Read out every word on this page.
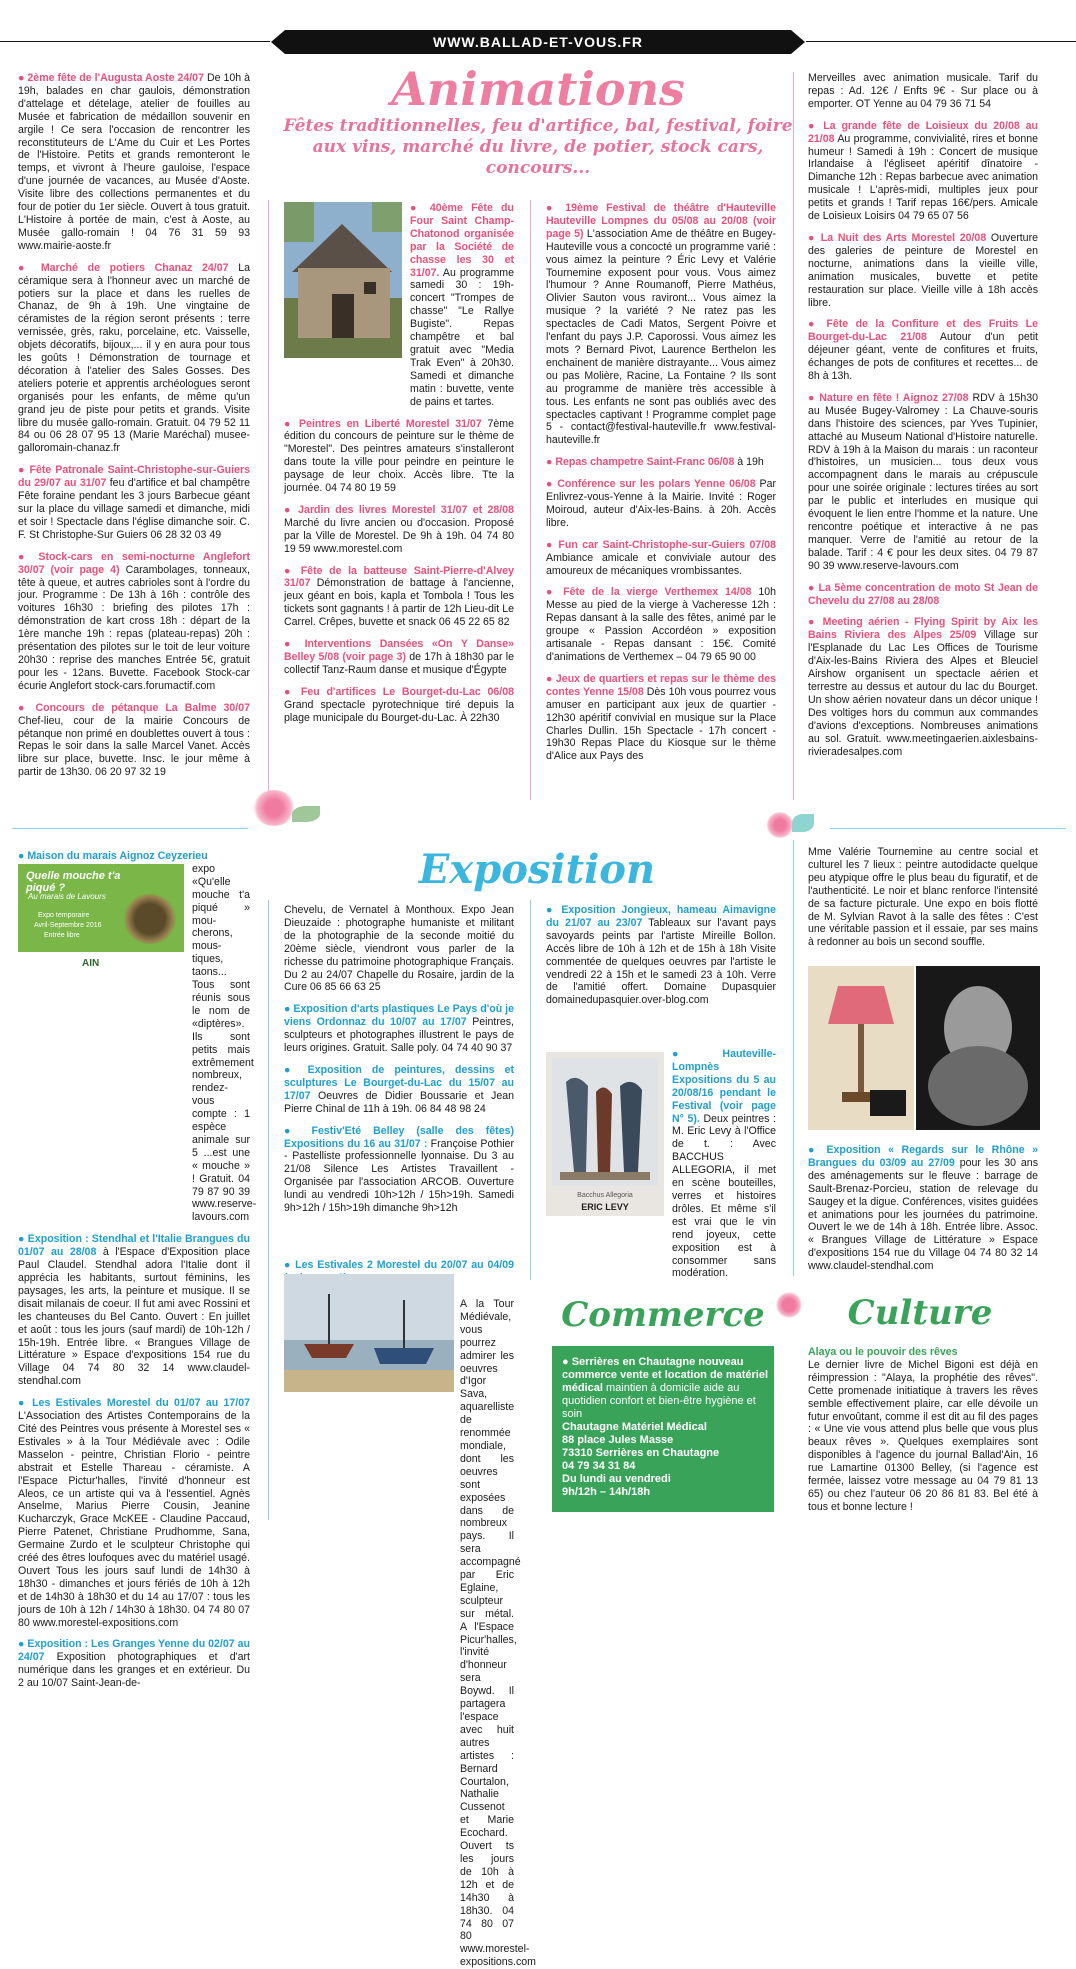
WWW.BALLAD-ET-VOUS.FR
Animations
Fêtes traditionnelles, feu d'artifice, bal, festival, foire aux vins, marché du livre, de potier, stock cars, concours...
● 2ème fête de l'Augusta Aoste 24/07 De 10h à 19h, balades en char gaulois, démonstration d'attelage et dételage, atelier de fouilles au Musée et fabrication de médaillon souvenir en argile ! Ce sera l'occasion de rencontrer les reconstituteurs de L'Ame du Cuir et Les Portes de l'Histoire. Petits et grands remonteront le temps, et vivront à l'heure gauloise, l'espace d'une journée de vacances, au Musée d'Aoste. Visite libre des collections permanentes et du four de potier du 1er siècle. Ouvert à tous gratuit. L'Histoire à portée de main, c'est à Aoste, au Musée gallo-romain ! 04 76 31 59 93 www.mairie-aoste.fr
● Marché de potiers Chanaz 24/07 La céramique sera à l'honneur avec un marché de potiers sur la place et dans les ruelles de Chanaz, de 9h à 19h. Une vingtaine de céramistes de la région seront présents : terre vernissée, grès, raku, porcelaine, etc. Vaisselle, objets décoratifs, bijoux,... il y en aura pour tous les goûts ! Démonstration de tournage et décoration à l'atelier des Sales Gosses. Des ateliers poterie et apprentis archéologues seront organisés pour les enfants, de même qu'un grand jeu de piste pour petits et grands. Visite libre du musée gallo-romain. Gratuit. 04 79 52 11 84 ou 06 28 07 95 13 (Marie Maréchal) musee-galloromain-chanaz.fr
● Fête Patronale Saint-Christophe-sur-Guiers du 29/07 au 31/07 feu d'artifice et bal champêtre Fête foraine pendant les 3 jours Barbecue géant sur la place du village samedi et dimanche, midi et soir ! Spectacle dans l'église dimanche soir. C. F. St Christophe-Sur Guiers 06 28 32 03 49
● Stock-cars en semi-nocturne Anglefort 30/07 (voir page 4) Carambolages, tonneaux, tête à queue, et autres cabrioles sont à l'ordre du jour. Programme : De 13h à 16h : contrôle des voitures 16h30 : briefing des pilotes 17h : démonstration de kart cross 18h : départ de la 1ère manche 19h : repas (plateau-repas) 20h : présentation des pilotes sur le toit de leur voiture 20h30 : reprise des manches Entrée 5€, gratuit pour les - 12ans. Buvette. Facebook Stock-car écurie Anglefort stock-cars.forumactif.com
● Concours de pétanque La Balme 30/07 Chef-lieu, cour de la mairie Concours de pétanque non primé en doublettes ouvert à tous : Repas le soir dans la salle Marcel Vanet. Accès libre sur place, buvette. Insc. le jour même à partir de 13h30. 06 20 97 32 19
● 40ème Fête du Four Saint Champ-Chatonod organisée par la Société de chasse les 30 et 31/07. Au programme samedi 30 : 19h- concert "Trompes de chasse" "Le Rallye Bugiste". Repas champêtre et bal gratuit avec "Media Trak Even" à 20h30. Samedi et dimanche matin : buvette, vente de pains et tartes.
● Peintres en Liberté Morestel 31/07 7ème édition du concours de peinture sur le thème de "Morestel". Des peintres amateurs s'installeront dans toute la ville pour peindre en peinture le paysage de leur choix. Accès libre. Tte la journée. 04 74 80 19 59
● Jardin des livres Morestel 31/07 et 28/08 Marché du livre ancien ou d'occasion. Proposé par la Ville de Morestel. De 9h à 19h. 04 74 80 19 59 www.morestel.com
● Fête de la batteuse Saint-Pierre-d'Alvey 31/07 Démonstration de battage à l'ancienne, jeux géant en bois, kapla et Tombola ! Tous les tickets sont gagnants ! à partir de 12h Lieu-dit Le Carrel. Crêpes, buvette et snack 06 45 22 65 82
● Interventions Dansées «On Y Danse» Belley 5/08 (voir page 3) de 17h à 18h30 par le collectif Tanz-Raum danse et musique d'Égypte
● Feu d'artifices Le Bourget-du-Lac 06/08 Grand spectacle pyrotechnique tiré depuis la plage municipale du Bourget-du-Lac. À 22h30
● 19ème Festival de théâtre d'Hauteville Hauteville Lompnes du 05/08 au 20/08 (voir page 5) L'association Ame de théâtre en Bugey-Hauteville vous a concocté un programme varié : vous aimez la peinture ? Éric Levy et Valérie Tournemine exposent pour vous. Vous aimez l'humour ? Anne Roumanoff, Pierre Mathéus, Olivier Sauton vous raviront... Vous aimez la musique ? la variété ? Ne ratez pas les spectacles de Cadi Matos, Sergent Poivre et l'enfant du pays J.P. Caporossi. Vous aimez les mots ? Bernard Pivot, Laurence Berthelon les enchainent de manière distrayante... Vous aimez ou pas Molière, Racine, La Fontaine ? Ils sont au programme de manière très accessible à tous. Les enfants ne sont pas oubliés avec des spectacles captivant ! Programme complet page 5 - contact@festival-hauteville.fr www.festival-hauteville.fr
● Repas champetre Saint-Franc 06/08 à 19h
● Conférence sur les polars Yenne 06/08 Par Enlivrez-vous-Yenne à la Mairie. Invité : Roger Moiroud, auteur d'Aix-les-Bains. à 20h. Accès libre.
● Fun car Saint-Christophe-sur-Guiers 07/08 Ambiance amicale et conviviale autour des amoureux de mécaniques vrombissantes.
● Fête de la vierge Verthemex 14/08 10h Messe au pied de la vierge à Vacheresse 12h : Repas dansant à la salle des fêtes, animé par le groupe « Passion Accordéon » exposition artisanale - Repas dansant : 15€. Comité d'animations de Verthemex – 04 79 65 90 00
● Jeux de quartiers et repas sur le thème des contes Yenne 15/08 Dès 10h vous pourrez vous amuser en participant aux jeux de quartier - 12h30 apéritif convivial en musique sur la Place Charles Dullin. 15h Spectacle - 17h concert - 19h30 Repas Place du Kiosque sur le thème d'Alice aux Pays des
Merveilles avec animation musicale. Tarif du repas : Ad. 12€ / Enfts 9€ - Sur place ou à emporter. OT Yenne au 04 79 36 71 54
● La grande fête de Loisieux du 20/08 au 21/08 Au programme, convivialité, rires et bonne humeur ! Samedi à 19h : Concert de musique Irlandaise à l'égliseet apéritif dînatoire - Dimanche 12h : Repas barbecue avec animation musicale ! L'après-midi, multiples jeux pour petits et grands ! Tarif repas 16€/pers. Amicale de Loisieux Loisirs 04 79 65 07 56
● La Nuit des Arts Morestel 20/08 Ouverture des galeries de peinture de Morestel en nocturne, animations dans la vieille ville, animation musicales, buvette et petite restauration sur place. Vieille ville à 18h accès libre.
● Fête de la Confiture et des Fruits Le Bourget-du-Lac 21/08 Autour d'un petit déjeuner géant, vente de confitures et fruits, échanges de pots de confitures et recettes... de 8h à 13h.
● Nature en fête ! Aignoz 27/08 RDV à 15h30 au Musée Bugey-Valromey : La Chauve-souris dans l'histoire des sciences, par Yves Tupinier, attaché au Museum National d'Histoire naturelle. RDV à 19h à la Maison du marais : un raconteur d'histoires, un musicien... tous deux vous accompagnent dans le marais au crépuscule pour une soirée originale : lectures tirées au sort par le public et interludes en musique qui évoquent le lien entre l'homme et la nature. Une rencontre poétique et interactive à ne pas manquer. Verre de l'amitié au retour de la balade. Tarif : 4 € pour les deux sites. 04 79 87 90 39 www.reserve-lavours.com
● La 5ème concentration de moto St Jean de Chevelu du 27/08 au 28/08
● Meeting aérien - Flying Spirit by Aix les Bains Riviera des Alpes 25/09 Village sur l'Esplanade du Lac Les Offices de Tourisme d'Aix-les-Bains Riviera des Alpes et Bleuciel Airshow organisent un spectacle aérien et terrestre au dessus et autour du lac du Bourget. Un show aérien novateur dans un décor unique ! Des voltiges hors du commun aux commandes d'avions d'exceptions. Nombreuses animations au sol. Gratuit. www.meetingaerien.aixlesbains-rivieradesalpes.com
Exposition
Quelle mouche t'a piqué ?
Au marais de Lavours
Expo temporaire
Avril-Septembre 2016
Entrée libre
AIN
● Maison du marais Aignoz Ceyzerieu

expo «Qu'elle mouche t'a piqué » mou-cherons, mous-tiques, taons... Tous sont réunis sous le nom de «diptères». Ils sont petits mais extrêmement nombreux, rendez-vous compte : 1 espèce animale sur 5 ...est une « mouche » ! Gratuit. 04 79 87 90 39 www.reserve-lavours.com
● Exposition : Stendhal et l'Italie Brangues du 01/07 au 28/08 à l'Espace d'Exposition place Paul Claudel. Stendhal adora l'Italie dont il apprécia les habitants, surtout féminins, les paysages, les arts, la peinture et musique. Il se disait milanais de coeur. Il fut ami avec Rossini et les chanteuses du Bel Canto. Ouvert : En juillet et août : tous les jours (sauf mardi) de 10h-12h / 15h-19h. Entrée libre. « Brangues Village de Littérature » Espace d'expositions 154 rue du Village 04 74 80 32 14 www.claudel-stendhal.com
● Les Estivales Morestel du 01/07 au 17/07 L'Association des Artistes Contemporains de la Cité des Peintres vous présente à Morestel ses « Estivales » à la Tour Médiévale avec : Odile Masselon - peintre, Christian Florio - peintre abstrait et Estelle Thareau - céramiste. A l'Espace Pictur'halles, l'invité d'honneur est Aleos, ce un artiste qui va à l'essentiel. Agnès Anselme, Marius Pierre Cousin, Jeanine Kucharczyk, Grace McKEE - Claudine Paccaud, Pierre Patenet, Christiane Prudhomme, Sana, Germaine Zurdo et le sculpteur Christophe qui créé des êtres loufoques avec du matériel usagé. Ouvert Tous les jours sauf lundi de 14h30 à 18h30 - dimanches et jours fériés de 10h à 12h et de 14h30 à 18h30 et du 14 au 17/07 : tous les jours de 10h à 12h / 14h30 à 18h30. 04 74 80 07 80 www.morestel-expositions.com
● Exposition : Les Granges Yenne du 02/07 au 24/07 Exposition photographiques et d'art numérique dans les granges et en extérieur. Du 2 au 10/07 Saint-Jean-de-
Chevelu, de Vernatel à Monthoux. Expo Jean Dieuzaide : photographe humaniste et militant de la photographie de la seconde moitié du 20ème siècle, viendront vous parler de la richesse du patrimoine photographique Français. Du 2 au 24/07 Chapelle du Rosaire, jardin de la Cure 06 85 66 63 25
● Exposition d'arts plastiques Le Pays d'où je viens Ordonnaz du 10/07 au 17/07 Peintres, sculpteurs et photographes illustrent le pays de leurs origines. Gratuit. Salle poly. 04 74 40 90 37
● Exposition de peintures, dessins et sculptures Le Bourget-du-Lac du 15/07 au 17/07 Oeuvres de Didier Boussarie et Jean Pierre Chinal de 11h à 19h. 06 84 48 98 24
● Festiv'Eté Belley (salle des fêtes) Expositions du 16 au 31/07 : Françoise Pothier - Pastelliste professionnelle lyonnaise. Du 3 au 21/08 Silence Les Artistes Travaillent - Organisée par l'association ARCOB. Ouverture lundi au vendredi 10h>12h / 15h>19h. Samedi 9h>12h / 15h>19h dimanche 9h>12h
● Les Estivales 2 Morestel du 20/07 au 04/09
A la Tour Médiévale, vous pourrez admirer les oeuvres d'Igor Sava, aquarelliste de renommée mondiale, dont les oeuvres sont exposées dans de nombreux pays. Il sera accompagné par Eric Eglaine, sculpteur sur métal. A l'Espace Picur'halles, l'invité d'honneur sera Boywd. Il partagera l'espace avec huit autres artistes : Bernard Courtalon, Nathalie Cussenot et Marie Ecochard. Ouvert ts les jours de 10h à 12h et de 14h30 à 18h30. 04 74 80 07 80 www.morestel-expositions.com
● Exposition Jongieux, hameau Aimavigne du 21/07 au 23/07 Tableaux sur l'avant pays savoyards peints par l'artiste Mireille Bollon. Accès libre de 10h à 12h et de 15h à 18h Visite commentée de quelques oeuvres par l'artiste le vendredi 22 à 15h et le samedi 23 à 10h. Verre de l'amitié offert. Domaine Dupasquier domainedupasquier.over-blog.com
Bacchus Allegoria
ERIC LEVY
● Hauteville-Lompnès Expositions du 5 au 20/08/16 pendant le Festival (voir page N° 5). Deux peintres : M. Eric Levy à l'Office de t. : Avec BACCHUS ALLEGORIA, il met en scène bouteilles, verres et histoires drôles. Et même s'il est vrai que le vin rend joyeux, cette exposition est à consommer sans modération.
Mme Valérie Tournemine au centre social et culturel les 7 lieux : peintre autodidacte quelque peu atypique offre le plus beau du figuratif, et de l'authenticité. Le noir et blanc renforce l'intensité de sa facture picturale. Une expo en bois flotté de M. Sylvian Ravot à la salle des fêtes : C'est une véritable passion et il essaie, par ses mains à redonner au bois un second souffle.
● Exposition « Regards sur le Rhône » Brangues du 03/09 au 27/09 pour les 30 ans des aménagements sur le fleuve : barrage de Sault-Brenaz-Porcieu, station de relevage du Saugey et la digue. Conférences, visites guidées et animations pour les journées du patrimoine. Ouvert le we de 14h à 18h. Entrée libre. Assoc. « Brangues Village de Littérature » Espace d'expositions 154 rue du Village 04 74 80 32 14 www.claudel-stendhal.com
Commerce
● Serrières en Chautagne nouveau commerce vente et location de matériel médical maintien à domicile aide au quotidien confort et bien-être hygiène et soin
Chautagne Matériel Médical
88 place Jules Masse
73310 Serrières en Chautagne
04 79 34 31 84
Du lundi au vendredi
9h/12h – 14h/18h
Culture
Alaya ou le pouvoir des rêves
Le dernier livre de Michel Bigoni est déjà en réimpression : "Alaya, la prophétie des rêves". Cette promenade initiatique à travers les rêves semble effectivement plaire, car elle dévoile un futur envoûtant, comme il est dit au fil des pages : « Une vie vous attend plus belle que vous plus beaux rêves ». Quelques exemplaires sont disponibles à l'agence du journal Ballad'Ain, 16 rue Lamartine 01300 Belley, (si l'agence est fermée, laissez votre message au 04 79 81 13 65) ou chez l'auteur 06 20 86 81 83. Bel été à tous et bonne lecture !
